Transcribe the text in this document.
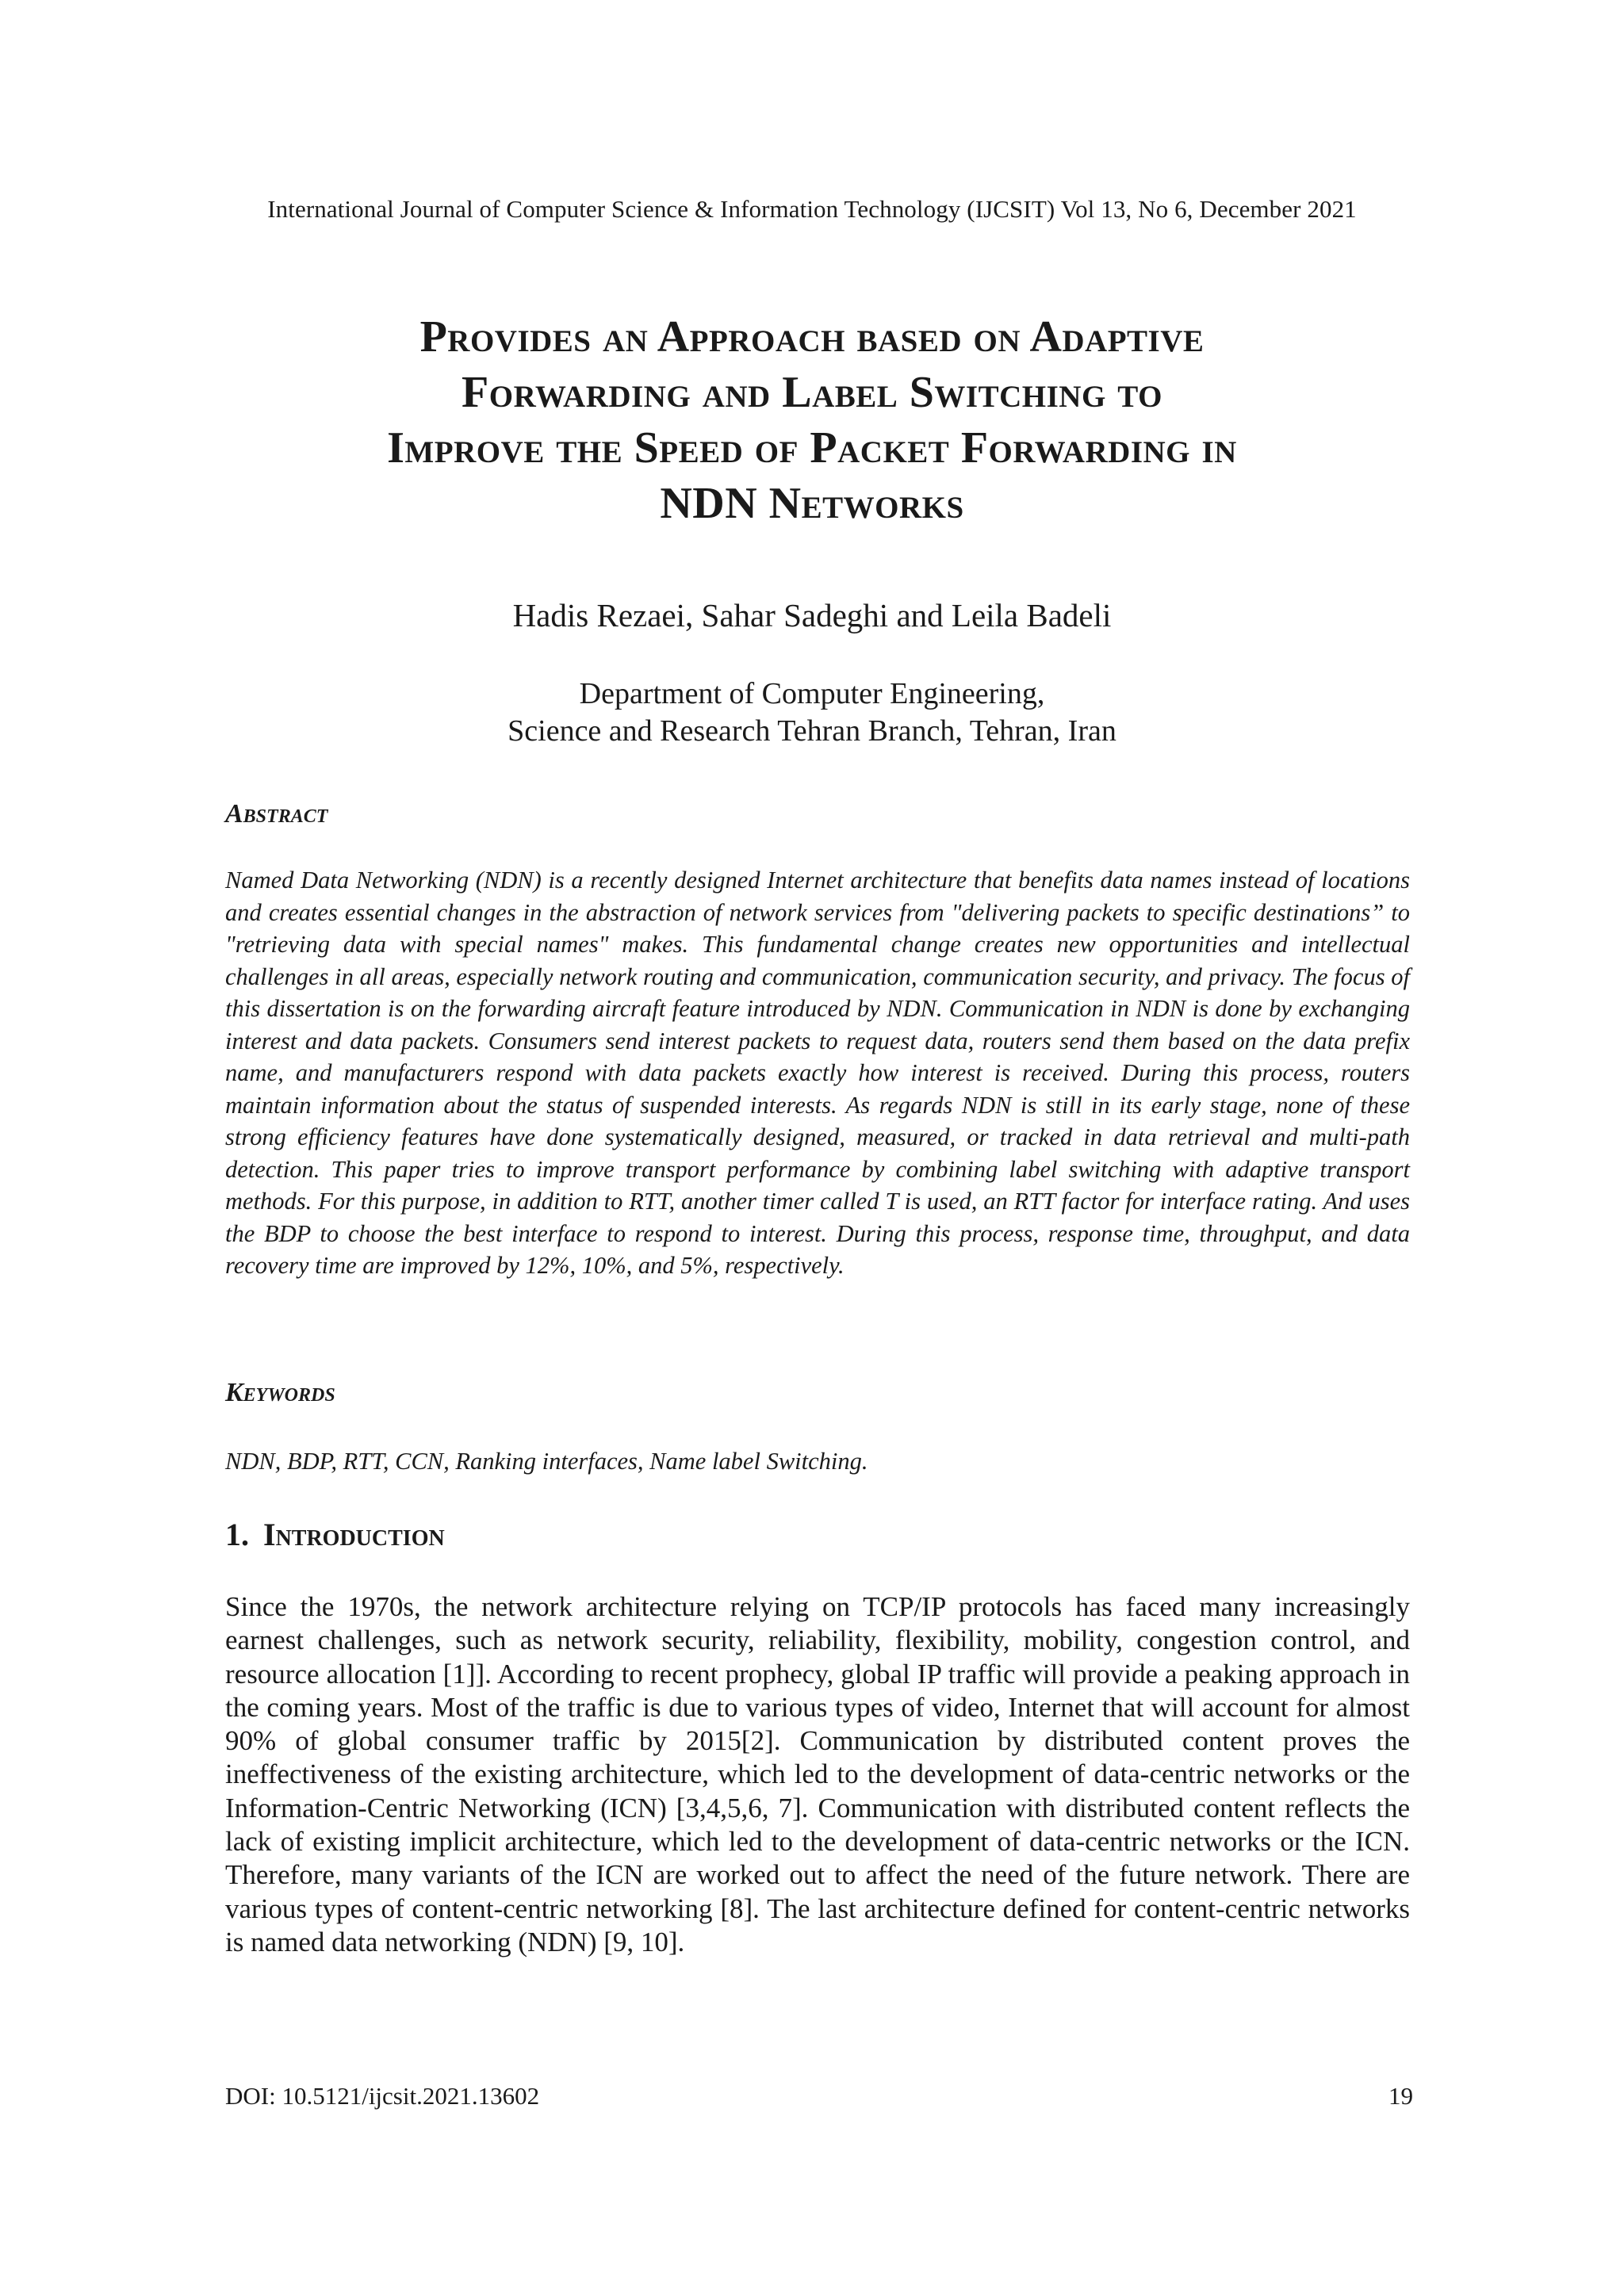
International Journal of Computer Science & Information Technology (IJCSIT) Vol 13, No 6, December 2021
Provides an Approach based on Adaptive
Forwarding and Label Switching to
Improve the Speed of Packet Forwarding in
NDN Networks
Hadis Rezaei, Sahar Sadeghi and Leila Badeli
Department of Computer Engineering,
Science and Research Tehran Branch, Tehran, Iran
Abstract
Named Data Networking (NDN) is a recently designed Internet architecture that benefits data names instead of locations and creates essential changes in the abstraction of network services from "delivering packets to specific destinations” to "retrieving data with special names" makes. This fundamental change creates new opportunities and intellectual challenges in all areas, especially network routing and communication, communication security, and privacy. The focus of this dissertation is on the forwarding aircraft feature introduced by NDN. Communication in NDN is done by exchanging interest and data packets. Consumers send interest packets to request data, routers send them based on the data prefix name, and manufacturers respond with data packets exactly how interest is received. During this process, routers maintain information about the status of suspended interests. As regards NDN is still in its early stage, none of these strong efficiency features have done systematically designed, measured, or tracked in data retrieval and multi-path detection. This paper tries to improve transport performance by combining label switching with adaptive transport methods. For this purpose, in addition to RTT, another timer called T is used, an RTT factor for interface rating. And uses the BDP to choose the best interface to respond to interest. During this process, response time, throughput, and data recovery time are improved by 12%, 10%, and 5%, respectively.
Keywords
NDN, BDP, RTT, CCN, Ranking interfaces, Name label Switching.
1. Introduction
Since the 1970s, the network architecture relying on TCP/IP protocols has faced many increasingly earnest challenges, such as network security, reliability, flexibility, mobility, congestion control, and resource allocation [1]]. According to recent prophecy, global IP traffic will provide a peaking approach in the coming years. Most of the traffic is due to various types of video, Internet that will account for almost 90% of global consumer traffic by 2015[2]. Communication by distributed content proves the ineffectiveness of the existing architecture, which led to the development of data-centric networks or the Information-Centric Networking (ICN) [3,4,5,6, 7]. Communication with distributed content reflects the lack of existing implicit architecture, which led to the development of data-centric networks or the ICN. Therefore, many variants of the ICN are worked out to affect the need of the future network. There are various types of content-centric networking [8]. The last architecture defined for content-centric networks is named data networking (NDN) [9, 10].
DOI: 10.5121/ijcsit.2021.13602	19
